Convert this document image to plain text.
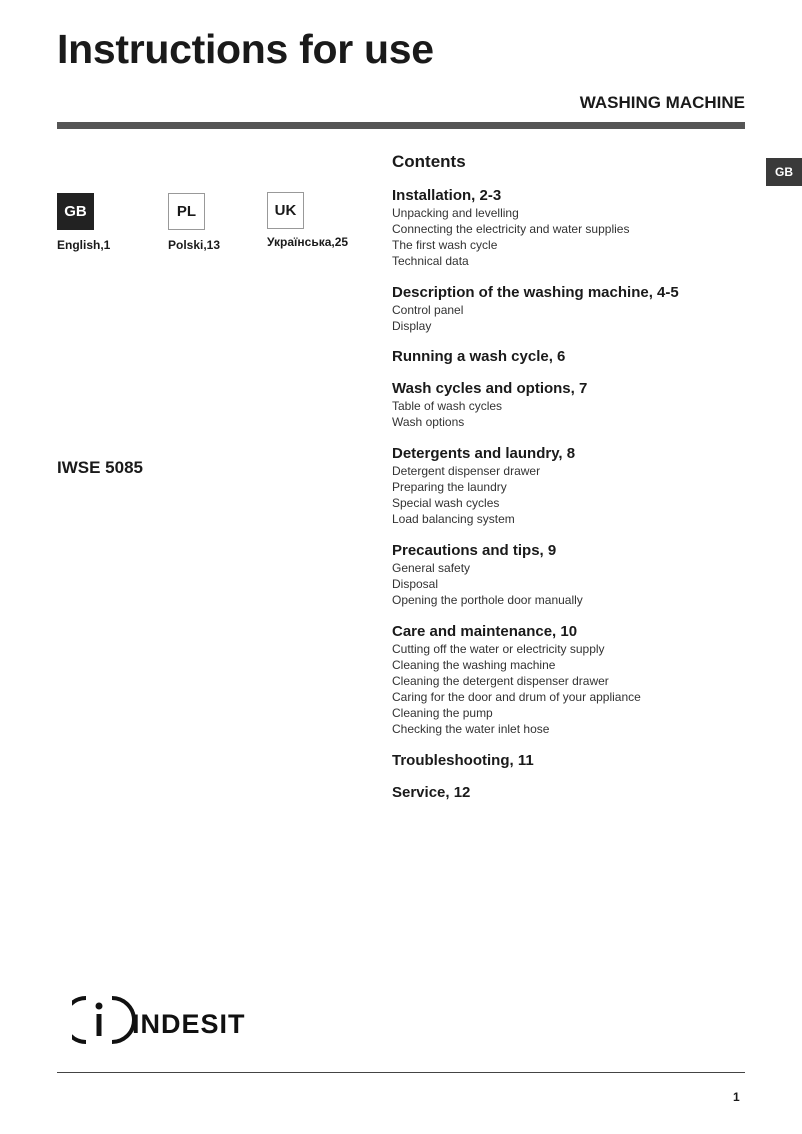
Instructions for use
WASHING MACHINE
GB
GB
English,1
PL
Polski,13
UK
Українська,25
IWSE 5085
Contents
Installation, 2-3
Unpacking and levelling
Connecting the electricity and water supplies
The first wash cycle
Technical data
Description of the washing machine, 4-5
Control panel
Display
Running a wash cycle, 6
Wash cycles and options, 7
Table of wash cycles
Wash options
Detergents and laundry, 8
Detergent dispenser drawer
Preparing the laundry
Special wash cycles
Load balancing system
Precautions and tips, 9
General safety
Disposal
Opening the porthole door manually
Care and maintenance, 10
Cutting off the water or electricity supply
Cleaning the washing machine
Cleaning the detergent dispenser drawer
Caring for the door and drum of your appliance
Cleaning the pump
Checking the water inlet hose
Troubleshooting, 11
Service, 12
INDESIT
1
